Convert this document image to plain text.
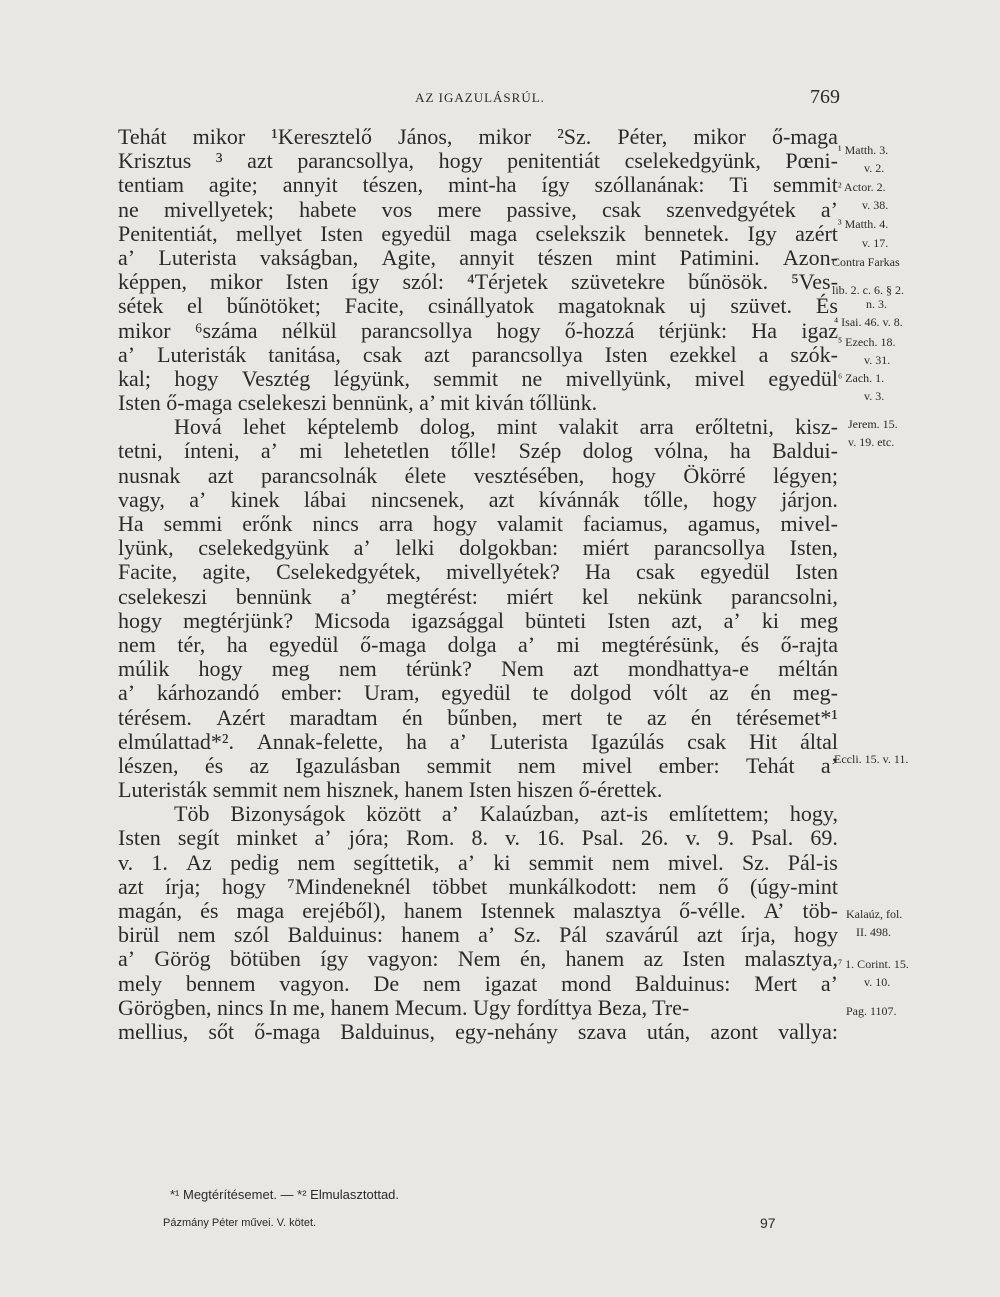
AZ IGAZULÁSRÚL.	769
Tehát mikor ¹Keresztelő János, mikor ²Sz. Péter, mikor ő-maga
Krisztus ³ azt parancsollya, hogy penitentiát cselekedgyünk, Pœni-
tentiam agite; annyit tészen, mint-ha így szóllanának: Ti semmit
ne mivellyetek; habete vos mere passive, csak szenvedgyétek a’
Penitentiát, mellyet Isten egyedül maga cselekszik bennetek. Igy azért
a’ Luterista vakságban, Agite, annyit tészen mint Patimini. Azon-
képpen, mikor Isten így szól: ⁴Térjetek szüvetekre bűnösök. ⁵Ves-
sétek el bűnötöket; Facite, csinállyatok magatoknak uj szüvet. És
mikor ⁶száma nélkül parancsollya hogy ő-hozzá térjünk: Ha igaz
a’ Luteristák tanitása, csak azt parancsollya Isten ezekkel a szók-
kal; hogy Vesztég légyünk, semmit ne mivellyünk, mivel egyedül
Isten ő-maga cselekeszi bennünk, a’ mit kiván tőllünk.
Hová lehet képtelemb dolog, mint valakit arra erőltetni, kisz-
tetni, ínteni, a’ mi lehetetlen tőlle! Szép dolog vólna, ha Baldui-
nusnak azt parancsolnák élete vesztésében, hogy Ökörré légyen;
vagy, a’ kinek lábai nincsenek, azt kívánnák tőlle, hogy járjon.
Ha semmi erőnk nincs arra hogy valamit faciamus, agamus, mivel-
lyünk, cselekedgyünk a’ lelki dolgokban: miért parancsollya Isten,
Facite, agite, Cselekedgyétek, mivellyétek? Ha csak egyedül Isten
cselekeszi bennünk a’ megtérést: miért kel nekünk parancsolni,
hogy megtérjünk? Micsoda igazsággal bünteti Isten azt, a’ ki meg
nem tér, ha egyedül ő-maga dolga a’ mi megtérésünk, és ő-rajta
múlik hogy meg nem térünk? Nem azt mondhattya-e méltán
a’ kárhozandó ember: Uram, egyedül te dolgod vólt az én meg-
térésem. Azért maradtam én bűnben, mert te az én térésemet*¹
elmúlattad*². Annak-felette, ha a’ Luterista Igazúlás csak Hit által
lészen, és az Igazulásban semmit nem mivel ember: Tehát a’
Luteristák semmit nem hisznek, hanem Isten hiszen ő-érettek.
Töb Bizonyságok között a’ Kalaúzban, azt-is említettem; hogy,
Isten segít minket a’ jóra; Rom. 8. v. 16. Psal. 26. v. 9. Psal. 69.
v. 1. Az pedig nem segíttetik, a’ ki semmit nem mivel. Sz. Pál-is
azt írja; hogy ⁷Mindeneknél többet munkálkodott: nem ő (úgy-mint
magán, és maga erejéből), hanem Istennek malasztya ő-vélle. A’ töb-
birül nem szól Balduinus: hanem a’ Sz. Pál szavárúl azt írja, hogy
a’ Görög bötüben így vagyon: Nem én, hanem az Isten malasztya,
mely bennem vagyon. De nem igazat mond Balduinus: Mert a’
Görögben, nincs In me, hanem Mecum. Ugy fordíttya Beza, Tre-
mellius, sőt ő-maga Balduinus, egy-nehány szava után, azont vallya:
¹ Matth. 3.
v. 2.
² Actor. 2.
v. 38.
³ Matth. 4.
v. 17.
Contra Farkas
lib. 2. c. 6. § 2.
n. 3.
⁴ Isai. 46. v. 8.
⁵ Ezech. 18.
v. 31.
⁶ Zach. 1.
v. 3.
Jerem. 15.
v. 19. etc.
Eccli. 15. v. 11.
Kalaúz, fol.
II. 498.
⁷ 1. Corint. 15.
v. 10.
Pag. 1107.
*¹ Megtérítésemet. — *² Elmulasztottad.
Pázmány Péter művei. V. kötet.	97
